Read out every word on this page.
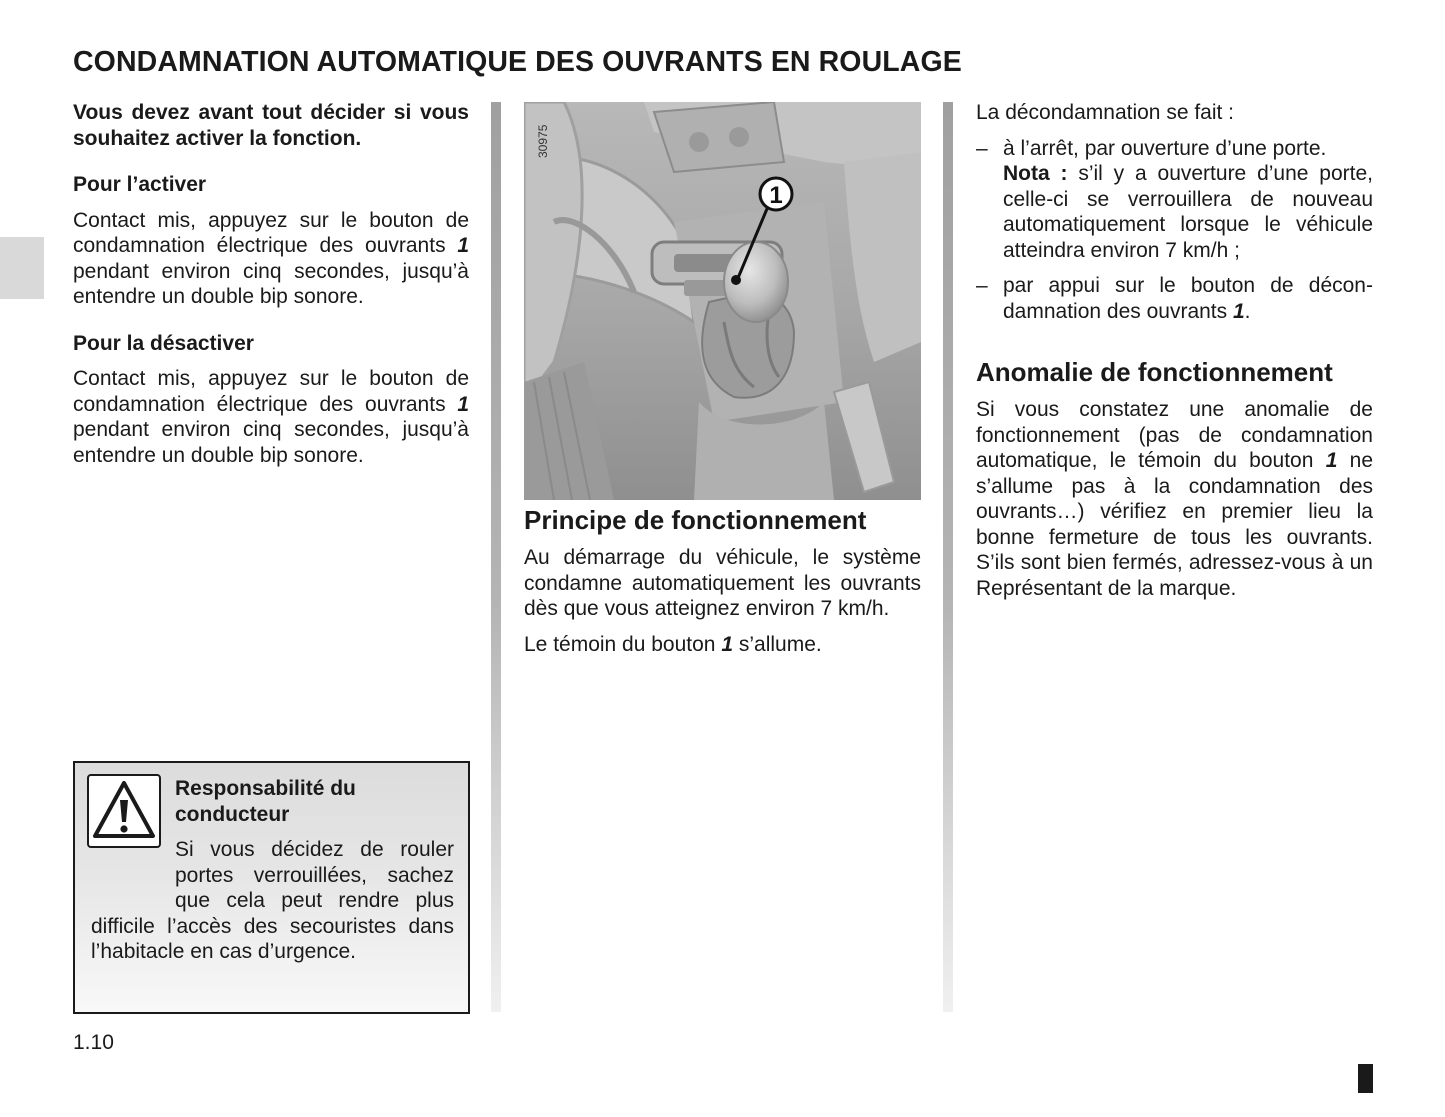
CONDAMNATION AUTOMATIQUE DES OUVRANTS EN ROULAGE

Vous devez avant tout décider si vous souhaitez activer la fonction.

Pour l’activer

Contact mis, appuyez sur le bouton de condamnation électrique des ouvrants 1 pendant environ cinq secondes, jusqu’à entendre un double bip sonore.

Pour la désactiver

Contact mis, appuyez sur le bouton de condamnation électrique des ouvrants 1 pendant environ cinq secondes, jusqu’à entendre un double bip sonore.

Responsabilité du conducteur

Si vous décidez de rouler portes verrouillées, sachez que cela peut rendre plus difficile l’accès des secouristes dans l’habitacle en cas d’urgence.

1
30975

Principe de fonctionnement

Au démarrage du véhicule, le système condamne automatiquement les ouvrants dès que vous atteignez environ 7 km/h.

Le témoin du bouton 1 s’allume.

La décondamnation se fait :

– à l’arrêt, par ouverture d’une porte.

Nota : s’il y a ouverture d’une porte, celle-ci se verrouillera de nouveau automatiquement lorsque le véhicule atteindra environ 7 km/h ;

– par appui sur le bouton de décondamnation des ouvrants 1.

Anomalie de fonctionnement

Si vous constatez une anomalie de fonctionnement (pas de condamnation automatique, le témoin du bouton 1 ne s’allume pas à la condamnation des ouvrants…) vérifiez en premier lieu la bonne fermeture de tous les ouvrants. S’ils sont bien fermés, adressez-vous à un Représentant de la marque.

1.10
